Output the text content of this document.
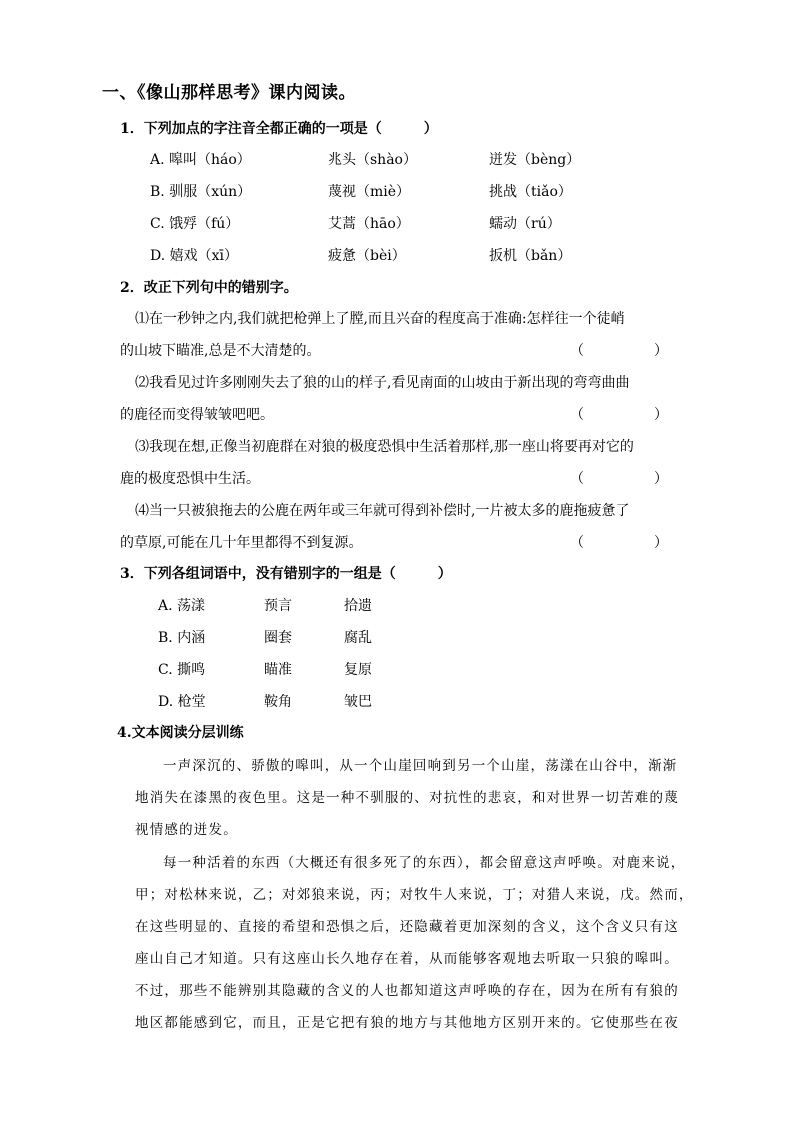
一、《像山那样思考》课内阅读。
1．下列加点的字注音全都正确的一项是（　　　）
A. 嗥叫（háo）	兆头（shào）	迸发（bèng）
B. 驯服（xún）	蔑视（miè）	挑战（tiǎo）
C. 饿殍（fú）	艾蒿（hāo）	蠕动（rú）
D. 嬉戏（xī）	疲惫（bèi）	扳机（bǎn）
2．改正下列句中的错别字。
⑴在一秒钟之内,我们就把枪弹上了膛,而且兴奋的程度高于准确:怎样往一个徒峭
的山坡下瞄准,总是不大清楚的。	（　　　　　）
⑵我看见过许多刚刚失去了狼的山的样子,看见南面的山坡由于新出现的弯弯曲曲
的鹿径而变得皱皱吧吧。	（　　　　　）
⑶我现在想,正像当初鹿群在对狼的极度恐惧中生活着那样,那一座山将要再对它的
鹿的极度恐惧中生活。	（　　　　　）
⑷当一只被狼拖去的公鹿在两年或三年就可得到补偿时,一片被太多的鹿拖疲惫了
的草原,可能在几十年里都得不到复源。	（　　　　　）
3．下列各组词语中，没有错别字的一组是（　　　）
A. 荡漾	预言	拾遗
B. 内涵	圈套	腐乱
C. 撕鸣	瞄准	复原
D. 枪堂	鞍角	皱巴
4.文本阅读分层训练
一声深沉的、骄傲的嗥叫，从一个山崖回响到另一个山崖，荡漾在山谷中，渐渐
地消失在漆黑的夜色里。这是一种不驯服的、对抗性的悲哀，和对世界一切苦难的蔑
视情感的迸发。
每一种活着的东西（大概还有很多死了的东西），都会留意这声呼唤。对鹿来说，
甲；对松林来说，乙；对郊狼来说，丙；对牧牛人来说，丁；对猎人来说，戊。然而，
在这些明显的、直接的希望和恐惧之后，还隐藏着更加深刻的含义，这个含义只有这
座山自己才知道。只有这座山长久地存在着，从而能够客观地去听取一只狼的嗥叫。
不过，那些不能辨别其隐藏的含义的人也都知道这声呼唤的存在，因为在所有有狼的
地区都能感到它，而且，正是它把有狼的地方与其他地方区别开来的。它使那些在夜
